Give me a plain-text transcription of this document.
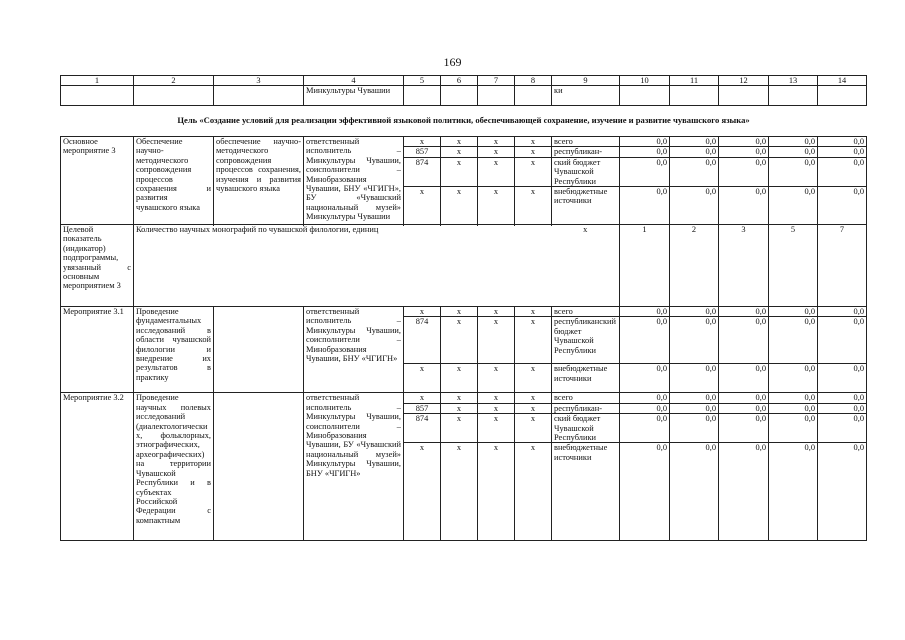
169
1	2	3	4	5	6	7	8	9	10	11	12	13	14
			Минкультуры Чувашии					ки					
Цель «Создание условий для реализации эффективной языковой политики, обеспечивающей сохранение, изучение и развитие чувашского языка»													
Основное мероприятие 3	Обеспечение научно-методического сопровождения процессов сохранения и развития чувашского языка	обеспечение научно-методического сопровождения процессов сохранения, изучения и развития чувашского языка	ответственный исполнитель – Минкультуры Чувашии, соисполнители – Минобразования Чувашии, БНУ «ЧГИГН», БУ «Чувашский национальный музей» Минкультуры Чувашии	x	x	x	x	всего	0,0	0,0	0,0	0,0	0,0
				857	x	x	x	республикан-	0,0	0,0	0,0	0,0	0,0
				874	x	x	x	ский бюджет Чувашской Республики	0,0	0,0	0,0	0,0	0,0
				x	x	x	x	внебюджетные источники	0,0	0,0	0,0	0,0	0,0

Целевой показатель (индикатор) подпрограммы, увязанный с основным мероприятием 3	Количество научных монографий по чувашской филологии, единиц							x	1	2	3	5	7
Мероприятие 3.1	Проведение фундаментальных исследований в области чувашской филологии и внедрение их результатов в практику		ответственный исполнитель – Минкультуры Чувашии, соисполнители – Минобразования Чувашии, БНУ «ЧГИГН»	x	x	x	x	всего	0,0	0,0	0,0	0,0	0,0
				874	x	x	x	республиканский бюджет Чувашской Республики	0,0	0,0	0,0	0,0	0,0
				x	x	x	x	внебюджетные источники	0,0	0,0	0,0	0,0	0,0
Мероприятие 3.2	Проведение научных полевых исследований (диалектологических, фольклорных, этнографических, археографических) на территории Чувашской Республики и в субъектах Российской Федерации с компактным		ответственный исполнитель – Минкультуры Чувашии, соисполнители – Минобразования Чувашии, БУ «Чувашский национальный музей» Минкультуры Чувашии, БНУ «ЧГИГН»	x	x	x	x	всего	0,0	0,0	0,0	0,0	0,0
				857	x	x	x	республикан-	0,0	0,0	0,0	0,0	0,0
				874	x	x	x	ский бюджет Чувашской Республики	0,0	0,0	0,0	0,0	0,0
				x	x	x	x	внебюджетные источники	0,0	0,0	0,0	0,0	0,0
